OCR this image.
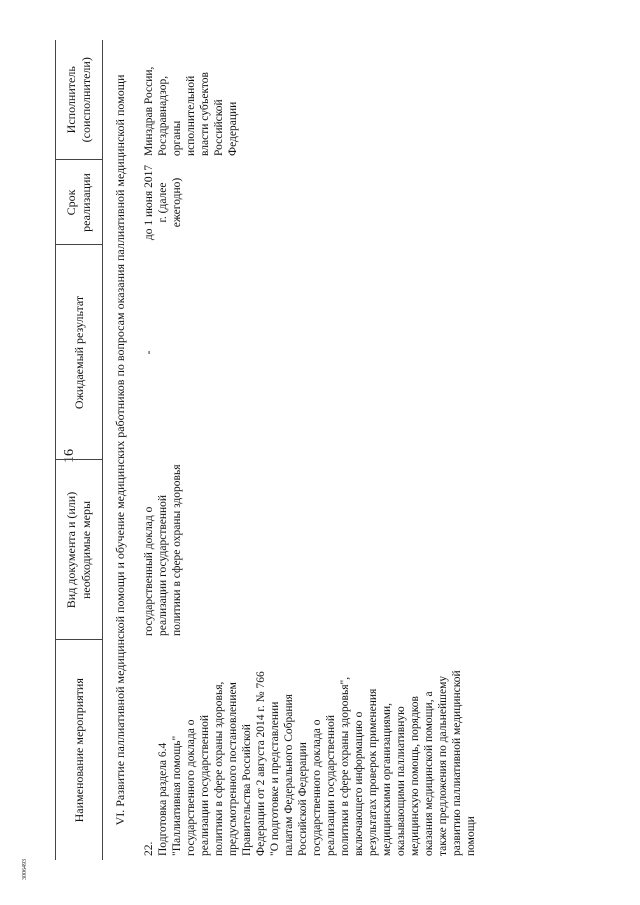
16
Наименование мероприятия	Вид документа и (или) необходимые меры	Ожидаемый результат	Срок реализации	Исполнитель (соисполнители)
VI. Развитие паллиативной медицинской помощи и обучение медицинских работников по вопросам оказания паллиативной медицинской помощи				
22. Подготовка раздела 6.4 "Паллиативная помощь" государственного доклада о реализации государственной политики в сфере охраны здоровья, предусмотренного постановлением Правительства Российской Федерации от 2 августа 2014 г. № 766 "О подготовке и представлении палатам Федерального Собрания Российской Федерации государственного доклада о реализации государственной политики в сфере охраны здоровья", включающего информацию о результатах проверок применения медицинскими организациями, оказывающими паллиативную медицинскую помощь, порядков оказания медицинской помощи, а также предложения по дальнейшему развитию паллиативной медицинской помощи	государственный доклад о реализации государственной политики в сфере охраны здоровья	-	до 1 июня 2017 г. (далее ежегодно)	Минздрав России, Росздравнадзор, органы исполнительной власти субъектов Российской Федерации
3006493
